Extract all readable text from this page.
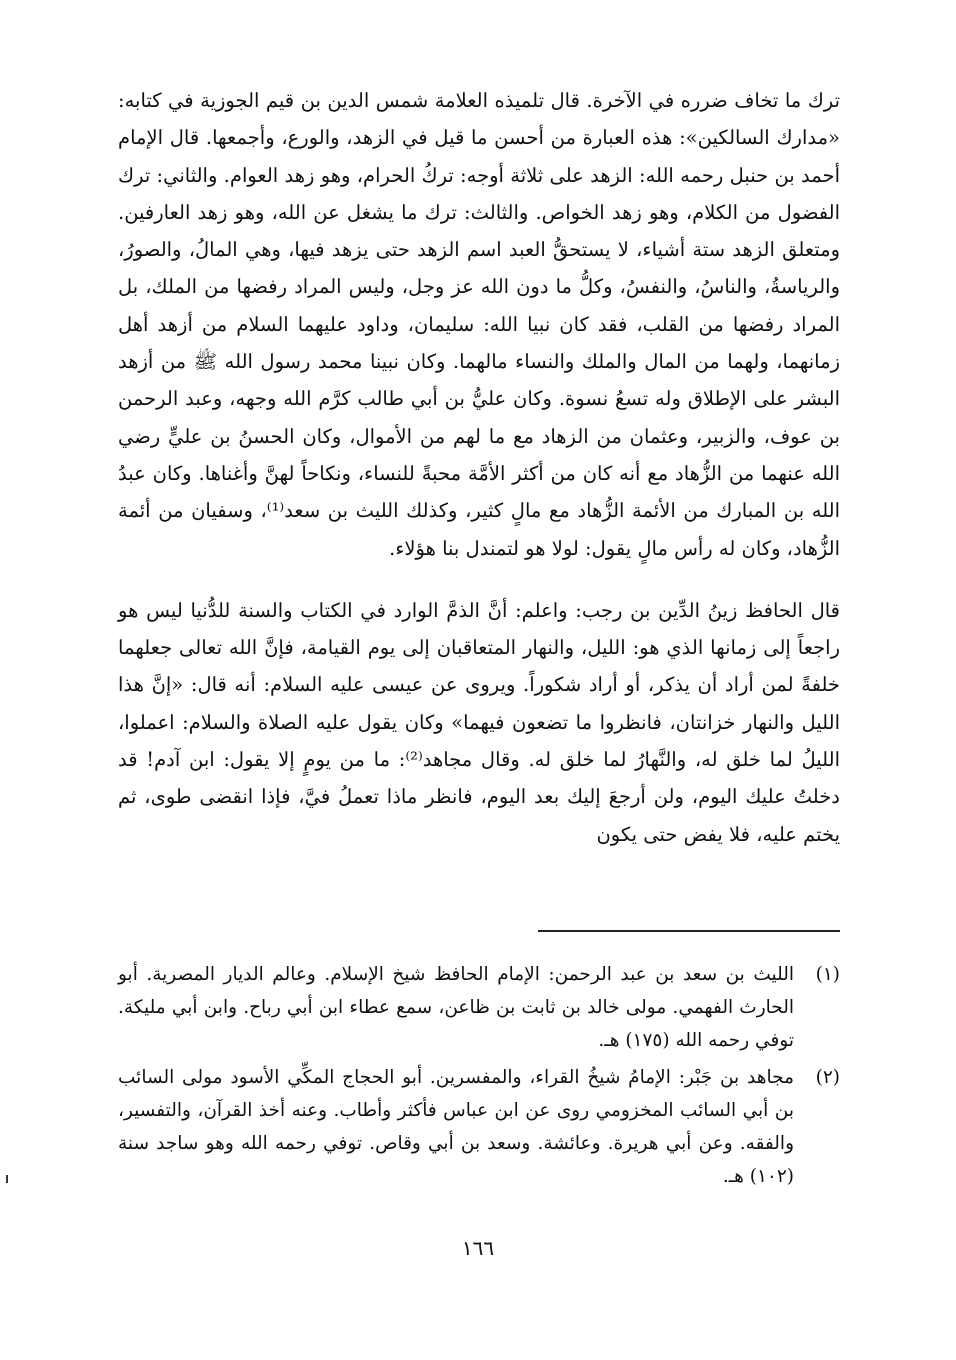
ترك ما تخاف ضرره في الآخرة. قال تلميذه العلامة شمس الدين بن قيم الجوزية في كتابه: «مدارك السالكين»: هذه العبارة من أحسن ما قيل في الزهد، والورع، وأجمعها. قال الإمام أحمد بن حنبل رحمه الله: الزهد على ثلاثة أوجه: تركُ الحرام، وهو زهد العوام. والثاني: ترك الفضول من الكلام، وهو زهد الخواص. والثالث: ترك ما يشغل عن الله، وهو زهد العارفين. ومتعلق الزهد ستة أشياء، لا يستحقُّ العبد اسم الزهد حتى يزهد فيها، وهي المالُ، والصورُ، والرياسةُ، والناسُ، والنفسُ، وكلُّ ما دون الله عز وجل، وليس المراد رفضها من الملك، بل المراد رفضها من القلب، فقد كان نبيا الله: سليمان، وداود عليهما السلام من أزهد أهل زمانهما، ولهما من المال والملك والنساء مالهما. وكان نبينا محمد رسول الله ﷺ من أزهد البشر على الإطلاق وله تسعُ نسوة. وكان عليُّ بن أبي طالب كرَّم الله وجهه، وعبد الرحمن بن عوف، والزبير، وعثمان من الزهاد مع ما لهم من الأموال، وكان الحسنُ بن عليٍّ رضي الله عنهما من الزُّهاد مع أنه كان من أكثر الأمَّة محبةً للنساء، ونكاحاً لهنَّ وأغناها. وكان عبدُ الله بن المبارك من الأئمة الزُّهاد مع مالٍ كثير، وكذلك الليث بن سعد⁽¹⁾، وسفيان من أئمة الزُّهاد، وكان له رأس مالٍ يقول: لولا هو لتمندل بنا هؤلاء.

قال الحافظ زينُ الدِّين بن رجب: واعلم: أنَّ الذمَّ الوارد في الكتاب والسنة للدُّنيا ليس هو راجعاً إلى زمانها الذي هو: الليل، والنهار المتعاقبان إلى يوم القيامة، فإنَّ الله تعالى جعلهما خلفةً لمن أراد أن يذكر، أو أراد شكوراً. ويروى عن عيسى عليه السلام: أنه قال: «إنَّ هذا الليل والنهار خزانتان، فانظروا ما تضعون فيهما» وكان يقول عليه الصلاة والسلام: اعملوا، الليلُ لما خلق له، والنَّهارُ لما خلق له. وقال مجاهد⁽²⁾: ما من يومٍ إلا يقول: ابن آدم! قد دخلتُ عليك اليوم، ولن أرجعَ إليك بعد اليوم، فانظر ماذا تعملُ فيَّ، فإذا انقضى طوى، ثم يختم عليه، فلا يفض حتى يكون

(١)
الليث بن سعد بن عبد الرحمن: الإمام الحافظ شيخ الإسلام. وعالم الديار المصرية. أبو الحارث الفهمي. مولى خالد بن ثابت بن ظاعن، سمع عطاء ابن أبي رباح. وابن أبي مليكة. توفي رحمه الله (١٧٥) هـ.
(٢)
مجاهد بن جَبْر: الإمامُ شيخُ القراء، والمفسرين. أبو الحجاج المكِّي الأسود مولى السائب بن أبي السائب المخزومي روى عن ابن عباس فأكثر وأطاب. وعنه أخذ القرآن، والتفسير، والفقه. وعن أبي هريرة. وعائشة. وسعد بن أبي وقاص. توفي رحمه الله وهو ساجد سنة (١٠٢) هـ.
١٦٦
